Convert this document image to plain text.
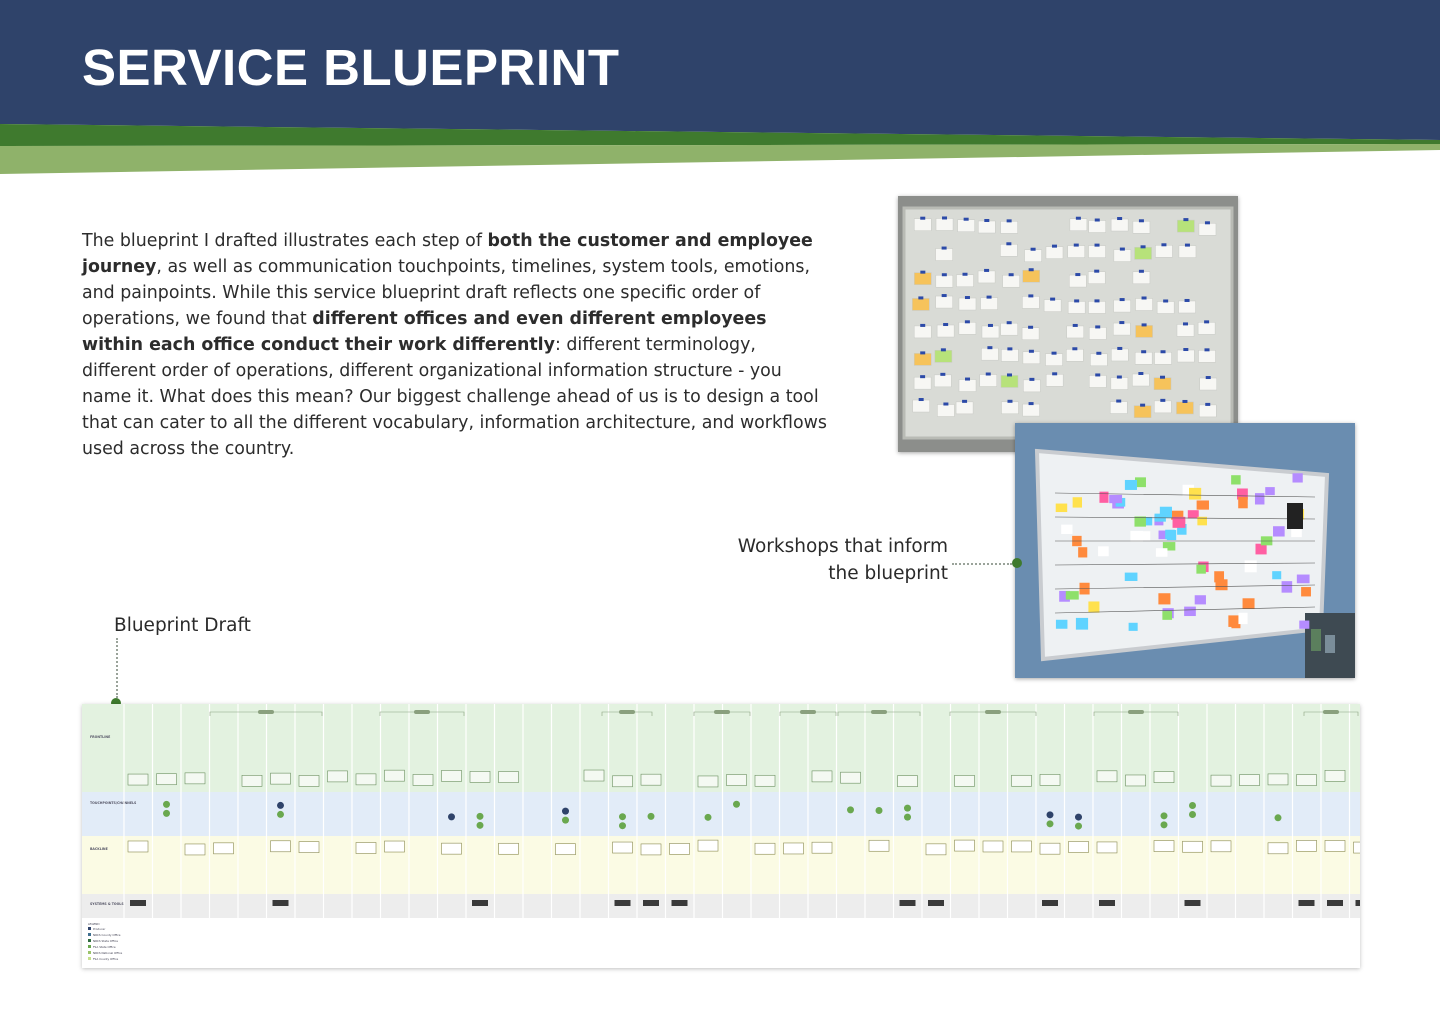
SERVICE BLUEPRINT

The blueprint I drafted illustrates each step of both the customer and employee journey, as well as communication touchpoints, timelines, system tools, emotions, and painpoints. While this service blueprint draft reflects one specific order of operations, we found that different offices and even different employees within each office conduct their work differently: different terminology, different order of operations, different organizational information structure - you name it. What does this mean? Our biggest challenge ahead of us is to design a tool that can cater to all the different vocabulary, information architecture, and workflows used across the country.

Workshops that inform
the blueprint
Blueprint Draft
FRONTLINE
TOUCHPOINTS/CHANNELS
BACKLINE
SYSTEMS & TOOLS
LEGEND
Producer
NRCS County Office
NRCS State Office
FSA State Office
NRCS National Office
FSA County Office
